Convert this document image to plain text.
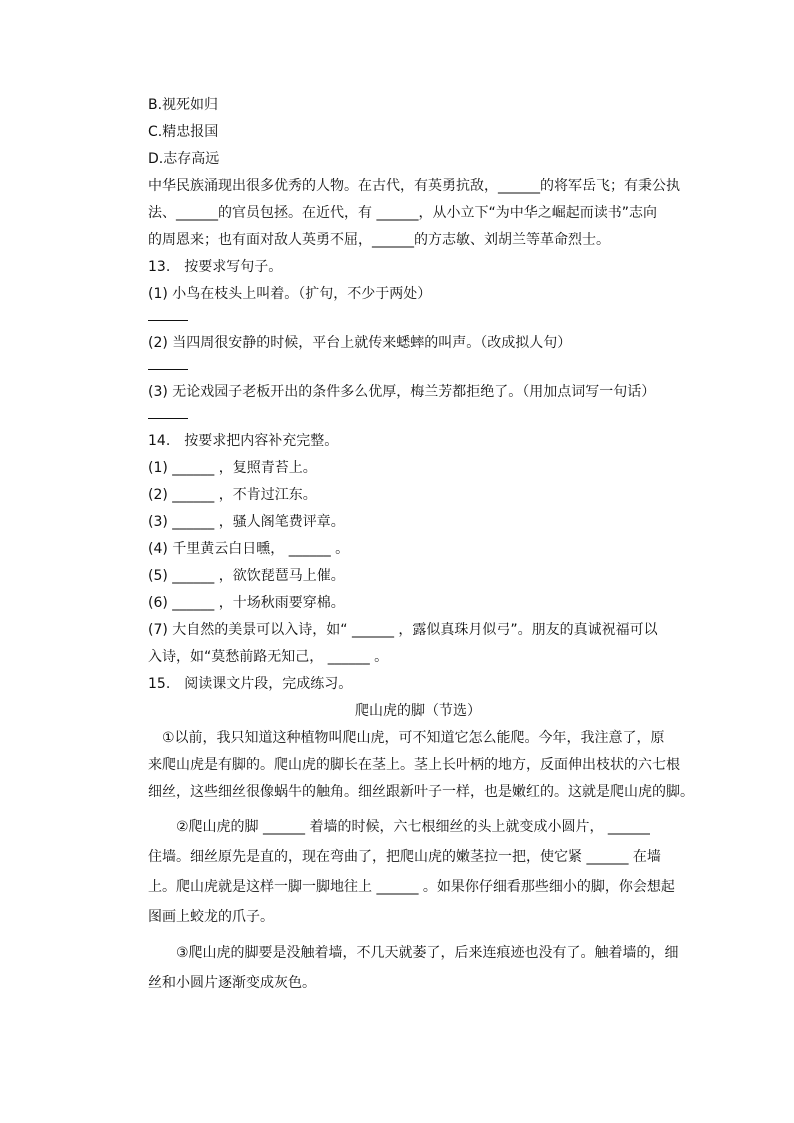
B.视死如归
C.精忠报国
D.志存高远
中华民族涌现出很多优秀的人物。在古代，有英勇抗敌，______的将军岳飞；有秉公执
法、______的官员包拯。在近代，有 ______，从小立下“为中华之崛起而读书”志向
的周恩来；也有面对敌人英勇不屈，______的方志敏、刘胡兰等革命烈士。
13.　按要求写句子。
(1) 小鸟在枝头上叫着。（扩句，不少于两处）
(2) 当四周很安静的时候，平台上就传来蟋蟀的叫声。（改成拟人句）
(3) 无论戏园子老板开出的条件多么优厚，梅兰芳都拒绝了。（用加点词写一句话）
14.　按要求把内容补充完整。
(1) ______ ，复照青苔上。
(2) ______ ，不肯过江东。
(3) ______ ，骚人阁笔费评章。
(4) 千里黄云白日曛， ______ 。
(5) ______ ，欲饮琵琶马上催。
(6) ______ ，十场秋雨要穿棉。
(7) 大自然的美景可以入诗，如“ ______ ，露似真珠月似弓”。朋友的真诚祝福可以
入诗，如“莫愁前路无知己， ______ 。
15.　阅读课文片段，完成练习。
爬山虎的脚（节选）
①以前，我只知道这种植物叫爬山虎，可不知道它怎么能爬。今年，我注意了，原
来爬山虎是有脚的。爬山虎的脚长在茎上。茎上长叶柄的地方，反面伸出枝状的六七根
细丝，这些细丝很像蜗牛的触角。细丝跟新叶子一样，也是嫩红的。这就是爬山虎的脚。
②爬山虎的脚 ______ 着墙的时候，六七根细丝的头上就变成小圆片， ______
住墙。细丝原先是直的，现在弯曲了，把爬山虎的嫩茎拉一把，使它紧 ______ 在墙
上。爬山虎就是这样一脚一脚地往上 ______ 。如果你仔细看那些细小的脚，你会想起
图画上蛟龙的爪子。
③爬山虎的脚要是没触着墙，不几天就萎了，后来连痕迹也没有了。触着墙的，细
丝和小圆片逐渐变成灰色。
